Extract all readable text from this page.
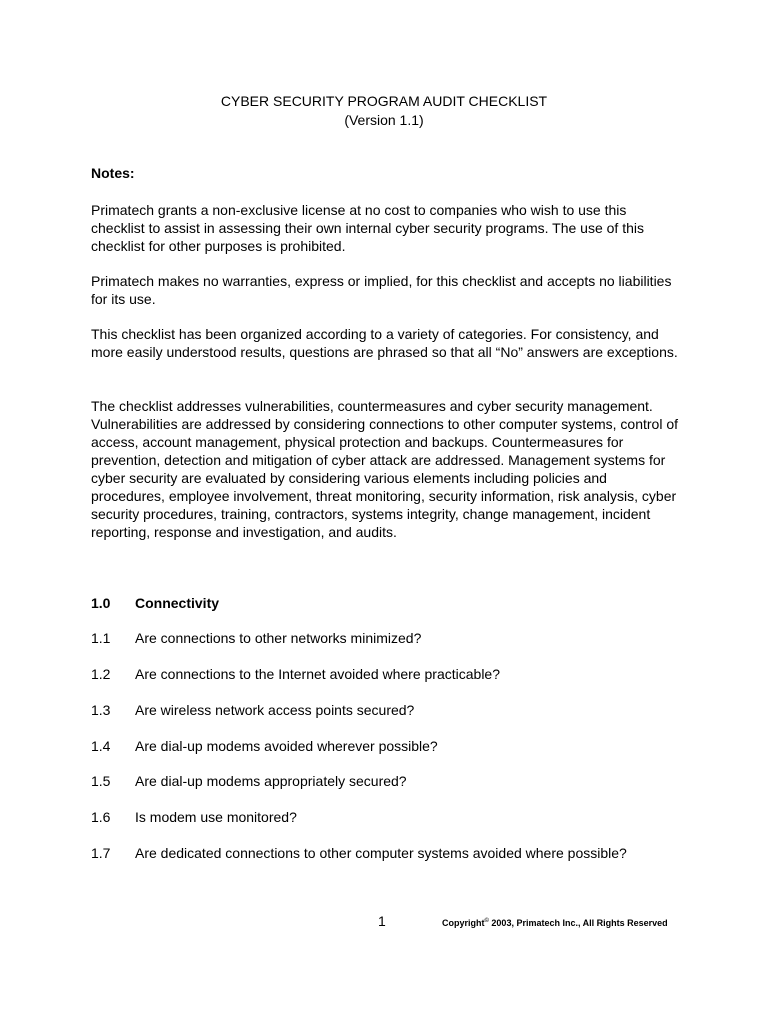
CYBER SECURITY PROGRAM AUDIT CHECKLIST
(Version 1.1)
Notes:

Primatech grants a non-exclusive license at no cost to companies who wish to use this checklist to assist in assessing their own internal cyber security programs. The use of this checklist for other purposes is prohibited.

Primatech makes no warranties, express or implied, for this checklist and accepts no liabilities for its use.

This checklist has been organized according to a variety of categories. For consistency, and more easily understood results, questions are phrased so that all “No” answers are exceptions.

The checklist addresses vulnerabilities, countermeasures and cyber security management. Vulnerabilities are addressed by considering connections to other computer systems, control of access, account management, physical protection and backups. Countermeasures for prevention, detection and mitigation of cyber attack are addressed. Management systems for cyber security are evaluated by considering various elements including policies and procedures, employee involvement, threat monitoring, security information, risk analysis, cyber security procedures, training, contractors, systems integrity, change management, incident reporting, response and investigation, and audits.

1.0 Connectivity
1.1 Are connections to other networks minimized?
1.2 Are connections to the Internet avoided where practicable?
1.3 Are wireless network access points secured?
1.4 Are dial-up modems avoided wherever possible?
1.5 Are dial-up modems appropriately secured?
1.6 Is modem use monitored?
1.7 Are dedicated connections to other computer systems avoided where possible?
1	Copyright© 2003, Primatech Inc., All Rights Reserved
